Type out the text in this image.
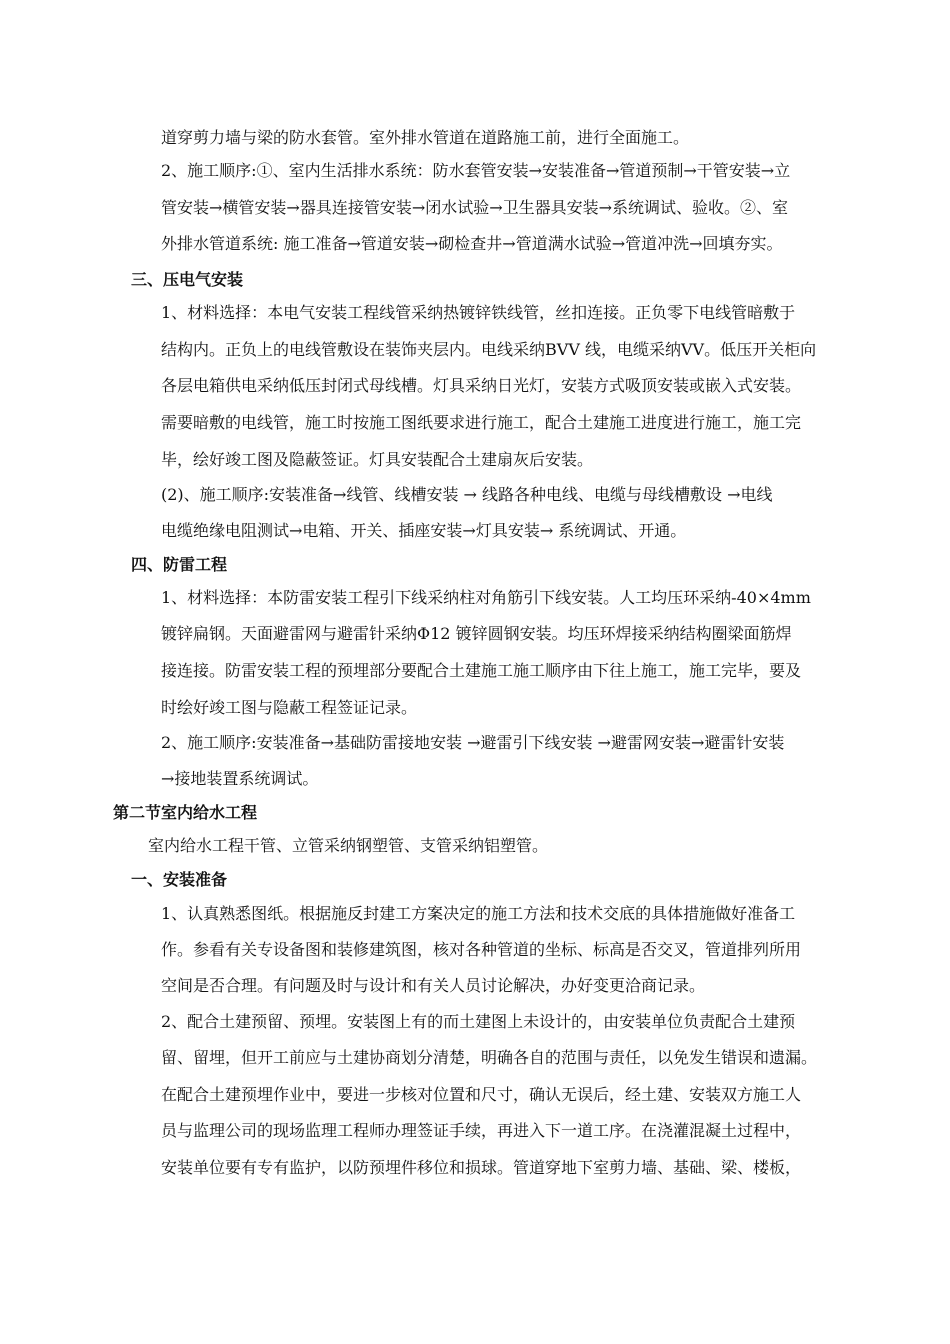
道穿剪力墙与梁的防水套管。室外排水管道在道路施工前，进行全面施工。
2、施工顺序:①、室内生活排水系统：防水套管安装→安装准备→管道预制→干管安装→立
管安装→横管安装→器具连接管安装→闭水试验→卫生器具安装→系统调试、验收。②、室
外排水管道系统: 施工准备→管道安装→砌检查井→管道满水试验→管道冲洗→回填夯实。
三、压电气安装
1、材料选择：本电气安装工程线管采纳热镀锌铁线管，丝扣连接。正负零下电线管暗敷于
结构内。正负上的电线管敷设在装饰夹层内。电线采纳BVV 线，电缆采纳VV。低压开关柜向
各层电箱供电采纳低压封闭式母线槽。灯具采纳日光灯，安装方式吸顶安装或嵌入式安装。
需要暗敷的电线管，施工时按施工图纸要求进行施工，配合土建施工进度进行施工，施工完
毕，绘好竣工图及隐蔽签证。灯具安装配合土建扇灰后安装。
(2)、施工顺序:安装准备→线管、线槽安装 → 线路各种电线、电缆与母线槽敷设 →电线
电缆绝缘电阻测试→电箱、开关、插座安装→灯具安装→ 系统调试、开通。
四、防雷工程
1、材料选择：本防雷安装工程引下线采纳柱对角筋引下线安装。人工均压环采纳-40×4mm
镀锌扁钢。天面避雷网与避雷针采纳Φ12 镀锌圆钢安装。均压环焊接采纳结构圈梁面筋焊
接连接。防雷安装工程的预埋部分要配合土建施工施工顺序由下往上施工，施工完毕，要及
时绘好竣工图与隐蔽工程签证记录。
2、施工顺序:安装准备→基础防雷接地安装 →避雷引下线安装 →避雷网安装→避雷针安装
→接地装置系统调试。
第二节室内给水工程
室内给水工程干管、立管采纳钢塑管、支管采纳铝塑管。
一、安装准备
1、认真熟悉图纸。根据施反封建工方案决定的施工方法和技术交底的具体措施做好准备工
作。参看有关专设备图和装修建筑图，核对各种管道的坐标、标高是否交叉，管道排列所用
空间是否合理。有问题及时与设计和有关人员讨论解决，办好变更洽商记录。
2、配合土建预留、预埋。安装图上有的而土建图上未设计的，由安装单位负责配合土建预
留、留埋，但开工前应与土建协商划分清楚，明确各自的范围与责任，以免发生错误和遗漏。
在配合土建预埋作业中，要进一步核对位置和尺寸，确认无误后，经土建、安装双方施工人
员与监理公司的现场监理工程师办理签证手续，再进入下一道工序。在浇灌混凝土过程中，
安装单位要有专有监护，以防预埋件移位和损球。管道穿地下室剪力墙、基础、梁、楼板，
